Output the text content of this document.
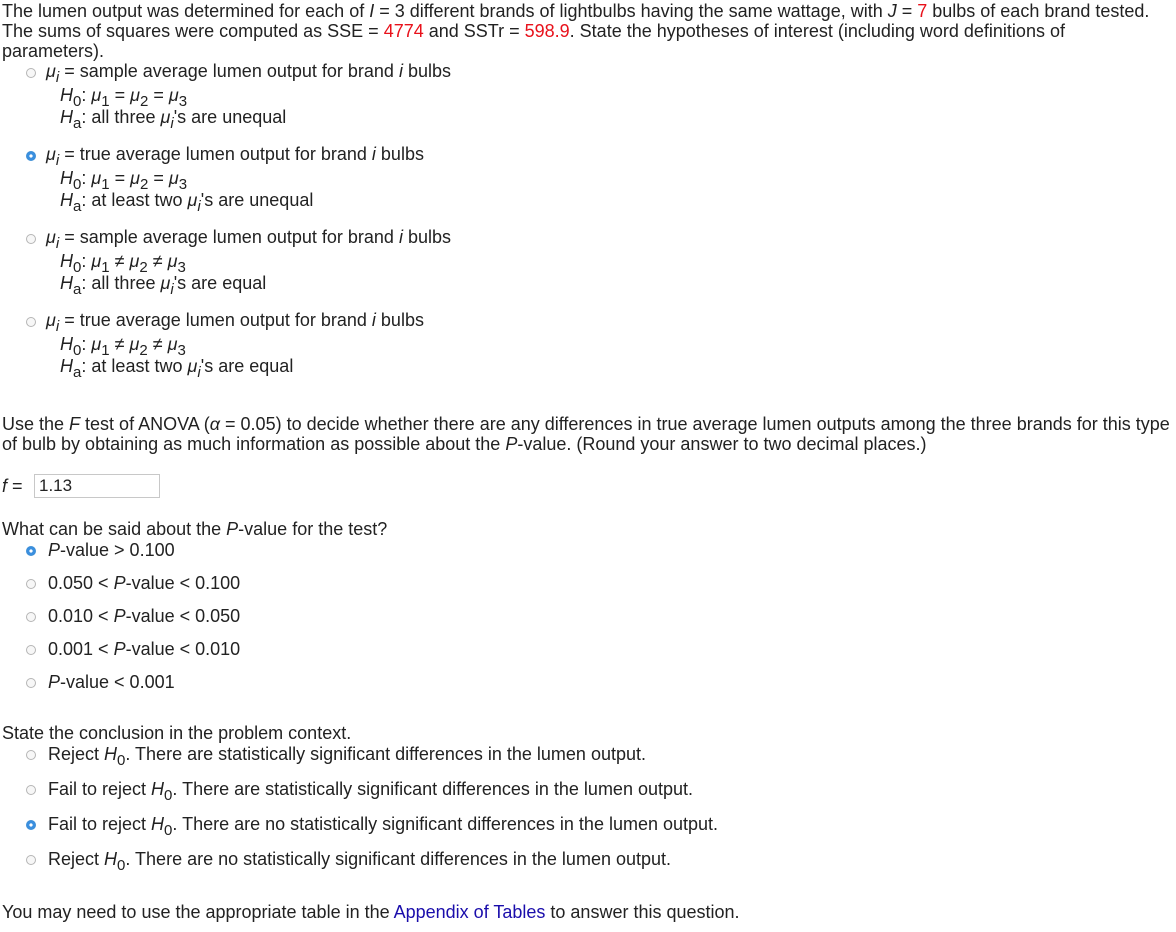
The lumen output was determined for each of I = 3 different brands of lightbulbs having the same wattage, with J = 7 bulbs of each brand tested. The sums of squares were computed as SSE = 4774 and SSTr = 598.9. State the hypotheses of interest (including word definitions of parameters).
$\mu_i$ = sample average lumen output for brand i bulbs
$H_0$: $\mu_1 = \mu_2 = \mu_3$
$H_a$: all three $\mu_i's$ are unequal
$\mu_i$ = true average lumen output for brand i bulbs
$H_0$: $\mu_1 = \mu_2 = \mu_3$
$H_a$: at least two $\mu_i's$ are unequal
$\mu_i$ = sample average lumen output for brand i bulbs
$H_0$: $\mu_1 \ne \mu_2 \ne \mu_3$
$H_a$: all three $\mu_i's$ are equal
$\mu_i$ = true average lumen output for brand i bulbs
$H_0$: $\mu_1 \ne \mu_2 \ne \mu_3$
$H_a$: at least two $\mu_i's$ are equal
Use the F test of ANOVA (α = 0.05) to decide whether there are any differences in true average lumen outputs among the three brands for this type of bulb by obtaining as much information as possible about the P-value. (Round your answer to two decimal places.)
f = 1.13
What can be said about the P-value for the test?
P-value > 0.100
0.050 < P-value < 0.100
0.010 < P-value < 0.050
0.001 < P-value < 0.010
P-value < 0.001
State the conclusion in the problem context.
Reject $H_0$. There are statistically significant differences in the lumen output.
Fail to reject $H_0$. There are statistically significant differences in the lumen output.
Fail to reject $H_0$. There are no statistically significant differences in the lumen output.
Reject $H_0$. There are no statistically significant differences in the lumen output.
You may need to use the appropriate table in the Appendix of Tables to answer this question.
